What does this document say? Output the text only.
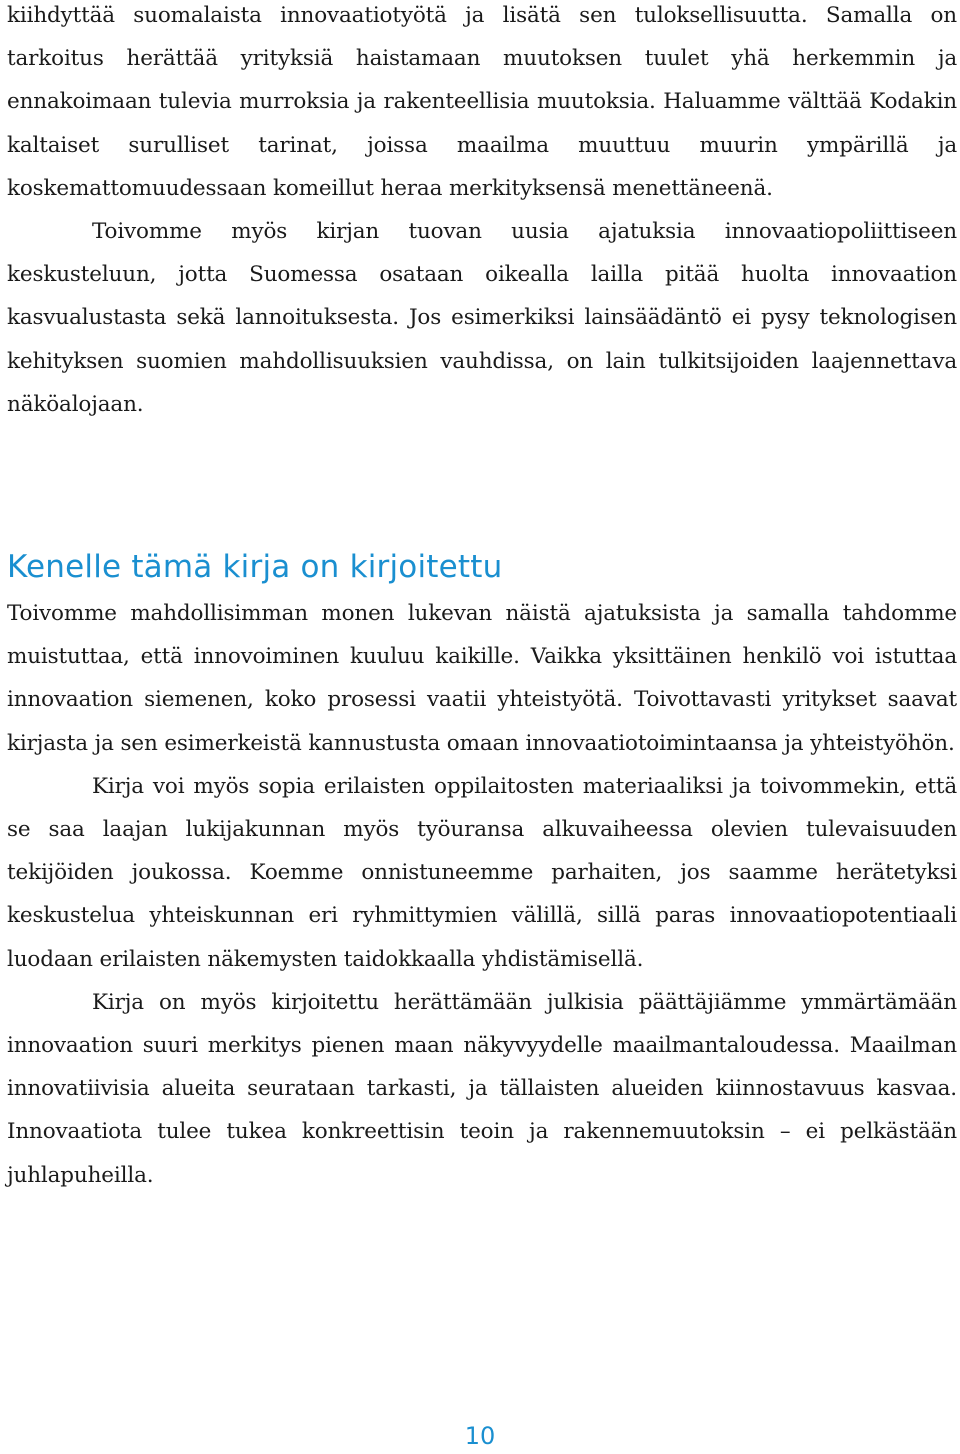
kiihdyttää suomalaista innovaatiotyötä ja lisätä sen tuloksellisuutta. Samalla on tarkoitus herättää yrityksiä haistamaan muutoksen tuulet yhä herkemmin ja ennakoimaan tulevia murroksia ja rakenteellisia muutoksia. Haluamme välttää Kodakin kaltaiset surulliset tarinat, joissa maailma muuttuu muurin ympärillä ja koskemattomuudessaan komeillut heraa merkityksensä menettäneenä.

Toivomme myös kirjan tuovan uusia ajatuksia innovaatiopoliittiseen keskusteluun, jotta Suomessa osataan oikealla lailla pitää huolta innovaation kasvualustasta sekä lannoituksesta. Jos esimerkiksi lainsäädäntö ei pysy teknologisen kehityksen suomien mahdollisuuksien vauhdissa, on lain tulkitsijoiden laajennettava näköalojaan.

Kenelle tämä kirja on kirjoitettu

Toivomme mahdollisimman monen lukevan näistä ajatuksista ja samalla tahdomme muistuttaa, että innovoiminen kuuluu kaikille. Vaikka yksittäinen henkilö voi istuttaa innovaation siemenen, koko prosessi vaatii yhteistyötä. Toivottavasti yritykset saavat kirjasta ja sen esimerkeistä kannustusta omaan innovaatiotoimintaansa ja yhteistyöhön.

Kirja voi myös sopia erilaisten oppilaitosten materiaaliksi ja toivommekin, että se saa laajan lukijakunnan myös työuransa alkuvaiheessa olevien tulevaisuuden tekijöiden joukossa. Koemme onnistuneemme parhaiten, jos saamme herätetyksi keskustelua yhteiskunnan eri ryhmittymien välillä, sillä paras innovaatiopotentiaali luodaan erilaisten näkemysten taidokkaalla yhdistämisellä.

Kirja on myös kirjoitettu herättämään julkisia päättäjiämme ymmärtämään innovaation suuri merkitys pienen maan näkyvyydelle maailmantaloudessa. Maailman innovatiivisia alueita seurataan tarkasti, ja tällaisten alueiden kiinnostavuus kasvaa. Innovaatiota tulee tukea konkreettisin teoin ja rakennemuutoksin – ei pelkästään juhlapuheilla.

10
